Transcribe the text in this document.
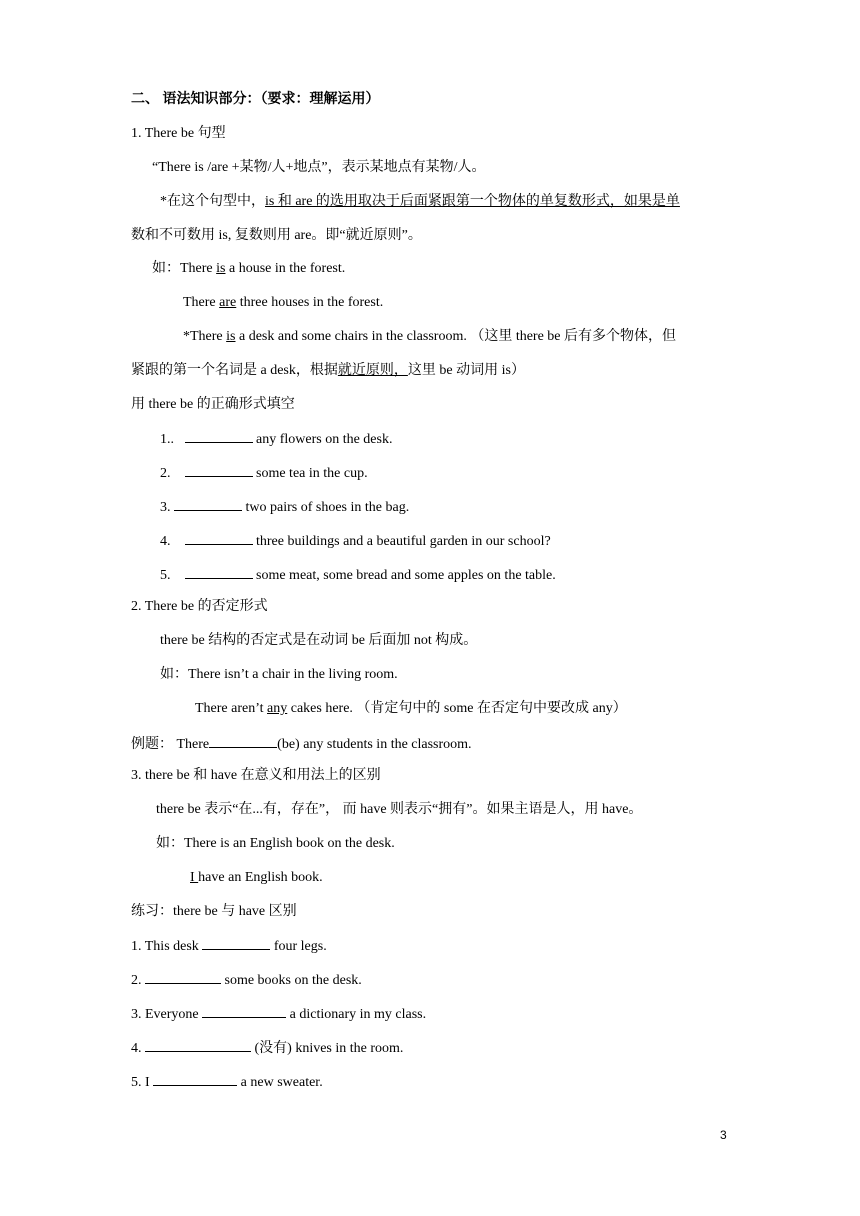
二、 语法知识部分：（要求：理解运用）
1. There be 句型
“There is /are +某物/人+地点”，表示某地点有某物/人。
*在这个句型中，is 和 are 的选用取决于后面紧跟第一个物体的单复数形式，如果是单
数和不可数用 is, 复数则用 are。即“就近原则”。
如：There is a house in the forest.
There are three houses in the forest.
*There is a desk and some chairs in the classroom. （这里 there be 后有多个物体，但
紧跟的第一个名词是 a desk，根据就近原则，这里 be 动词用 is）
用 there be 的正确形式填空
1..	any flowers on the desk.
2.	some tea in the cup.
3.	two pairs of shoes in the bag.
4.	three buildings and a beautiful garden in our school?
5.	some meat, some bread and some apples on the table.
2. There be 的否定形式
there be 结构的否定式是在动词 be 后面加 not 构成。
如：There isn’t a chair in the living room.
There aren’t any cakes here. （肯定句中的 some 在否定句中要改成 any）
例题： There	(be) any students in the classroom.
3. there be 和 have 在意义和用法上的区别
there be 表示“在...有，存在”， 而 have 则表示“拥有”。如果主语是人，用 have。
如：There is an English book on the desk.
I have an English book.
练习：there be 与 have 区别
1. This desk	four legs.
2.	some books on the desk.
3. Everyone	a dictionary in my class.
4.	(没有) knives in the room.
5. I	a new sweater.
3
